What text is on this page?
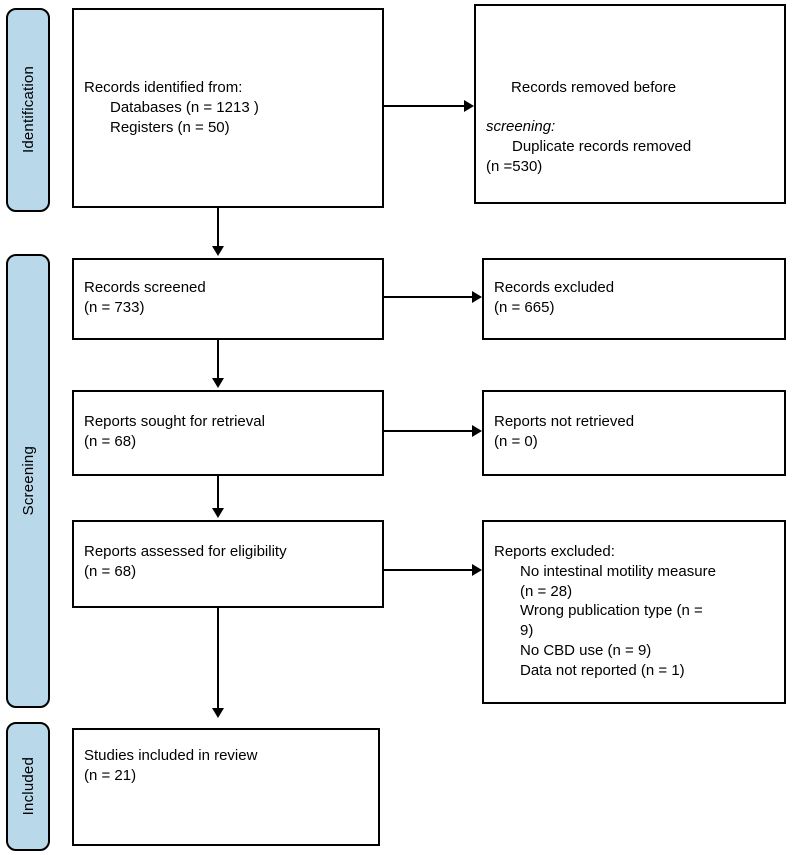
Identification
Screening
Included
Records identified from:
Databases (n = 1213 )
Registers (n = 50)

Records removed before

screening:
Duplicate records removed
(n =530)
Records screened
(n = 733)
Records excluded
(n = 665)
Reports sought for retrieval
(n = 68)
Reports not retrieved
(n = 0)
Reports assessed for eligibility
(n = 68)
Reports excluded:
No intestinal motility measure
(n = 28)
Wrong publication type (n =
9)
No CBD use (n = 9)
Data not reported (n = 1)
Studies included in review
(n = 21)
